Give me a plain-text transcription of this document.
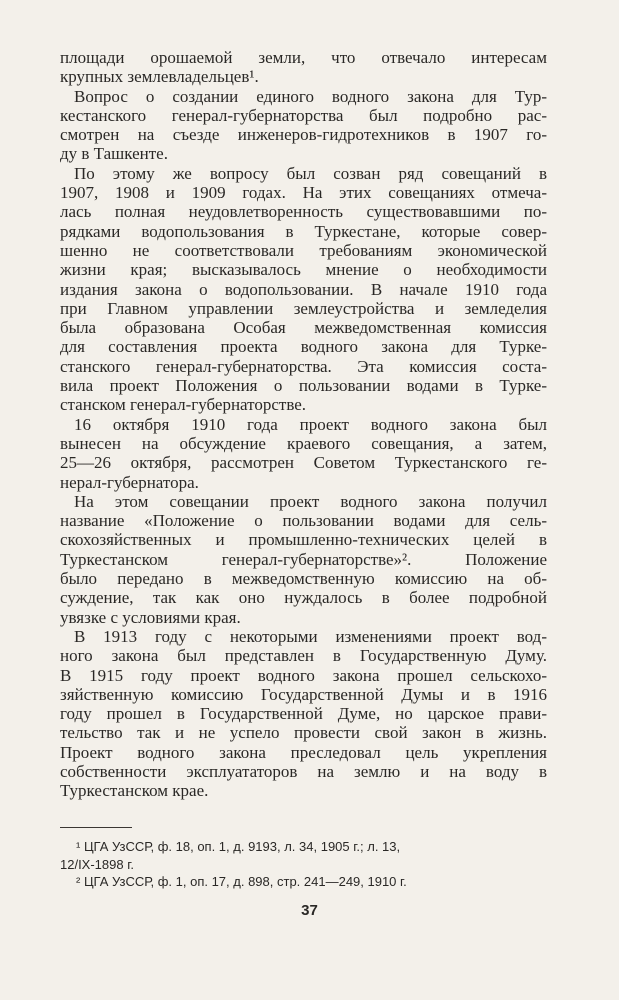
площади орошаемой земли, что отвечало интересам
крупных землевладельцев¹.

Вопрос о создании единого водного закона для Тур-

кестанского генерал-губернаторства был подробно рас-
смотрен на съезде инженеров-гидротехников в 1907 го-
ду в Ташкенте.

По этому же вопросу был созван ряд совещаний в

1907, 1908 и 1909 годах. На этих совещаниях отмеча-
лась полная неудовлетворенность существовавшими по-
рядками водопользования в Туркестане, которые совер-
шенно не соответствовали требованиям экономической
жизни края; высказывалось мнение о необходимости
издания закона о водопользовании. В начале 1910 года
при Главном управлении землеустройства и земледелия
была образована Особая межведомственная комиссия
для составления проекта водного закона для Турке-
станского генерал-губернаторства. Эта комиссия соста-
вила проект Положения о пользовании водами в Турке-
станском генерал-губернаторстве.

16 октября 1910 года проект водного закона был

вынесен на обсуждение краевого совещания, а затем,
25—26 октября, рассмотрен Советом Туркестанского ге-
нерал-губернатора.

На этом совещании проект водного закона получил

название «Положение о пользовании водами для сель-
скохозяйственных и промышленно-технических целей в
Туркестанском генерал-губернаторстве»². Положение
было передано в межведомственную комиссию на об-
суждение, так как оно нуждалось в более подробной
увязке с условиями края.

В 1913 году с некоторыми изменениями проект вод-

ного закона был представлен в Государственную Думу.
В 1915 году проект водного закона прошел сельскохо-
зяйственную комиссию Государственной Думы и в 1916
году прошел в Государственной Думе, но царское прави-
тельство так и не успело провести свой закон в жизнь.
Проект водного закона преследовал цель укрепления
собственности эксплуататоров на землю и на воду в
Туркестанском крае.

¹ ЦГА УзССР, ф. 18, оп. 1, д. 9193, л. 34, 1905 г.; л. 13,
12/IX-1898 г.
² ЦГА УзССР, ф. 1, оп. 17, д. 898, стр. 241—249, 1910 г.
37
